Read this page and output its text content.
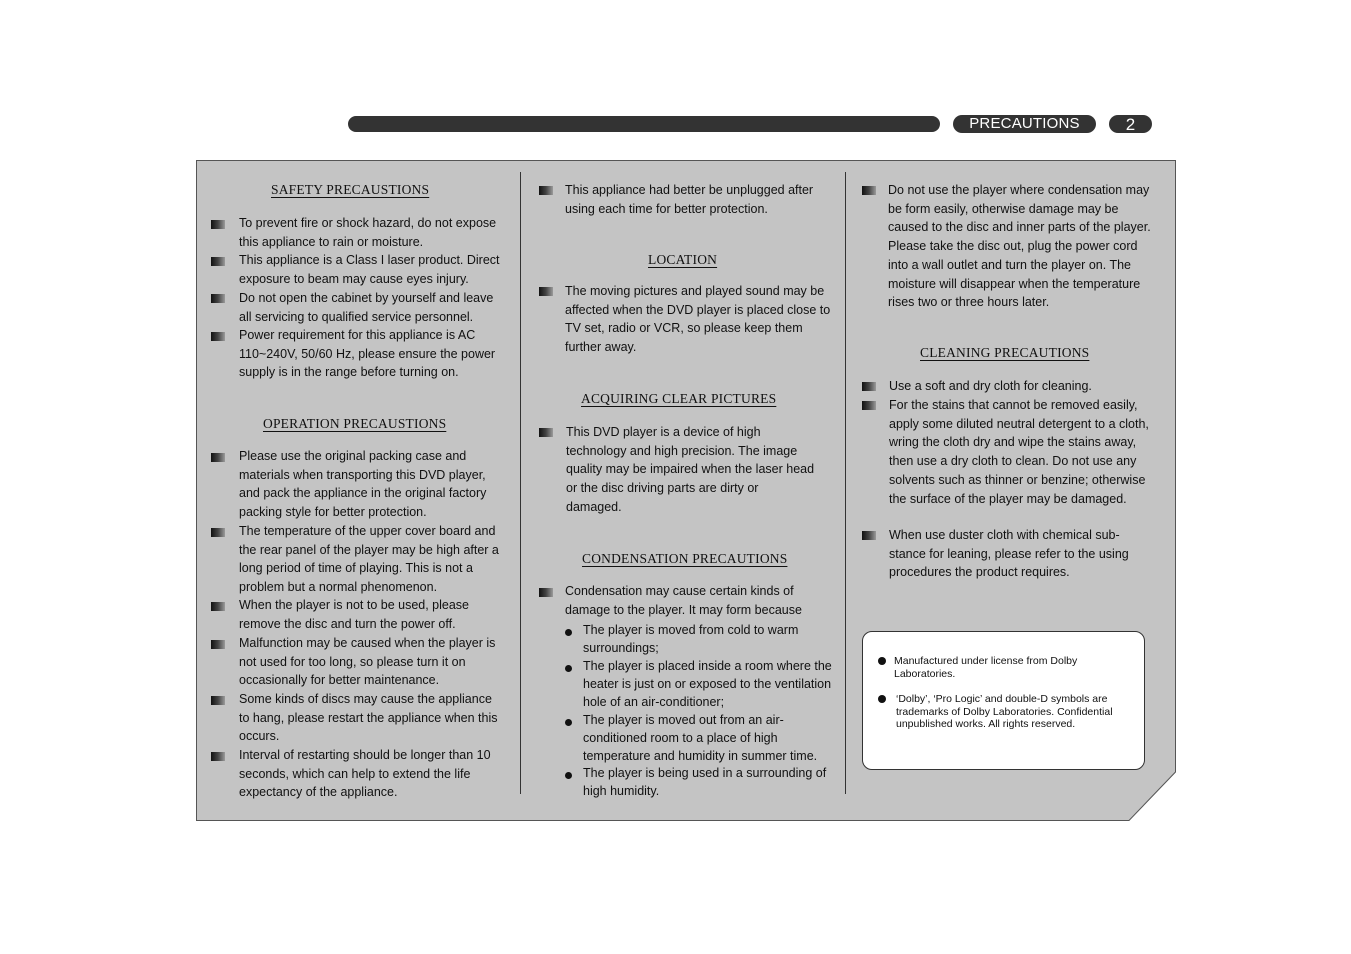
PRECAUTIONS	2
SAFETY PRECAUSTIONS
To prevent fire or shock hazard, do not expose this appliance to rain or moisture.
This appliance is a Class I laser product. Direct exposure to beam may cause eyes injury.
Do not open the cabinet by yourself and leave all servicing to qualified service personnel.
Power requirement for this appliance is AC 110~240V, 50/60 Hz, please ensure the power supply is in the range before turning on.
OPERATION PRECAUSTIONS
Please use the original packing case and materials when transporting this DVD player, and pack the appliance in the original factory packing style for better protection.
The temperature of the upper cover board and the rear panel of the player may be high after a long period of time of playing. This is not a problem but a normal phenomenon.
When the player is not to be used, please remove the disc and turn the power off.
Malfunction may be caused when the player is not used for too long, so please turn it on occasionally for better maintenance.
Some kinds of discs may cause the appliance to hang, please restart the appliance when this occurs.
Interval of restarting should be longer than 10 seconds, which can help to extend the life expectancy of the appliance.
This appliance had better be unplugged after using each time for better protection.
LOCATION
The moving pictures and played sound may be affected when the DVD player is placed close to TV set, radio or VCR, so please keep them further away.
ACQUIRING CLEAR PICTURES
This DVD player is a device of high technology and high precision. The image quality may be impaired when the laser head or the disc driving parts are dirty or damaged.
CONDENSATION PRECAUTIONS
Condensation may cause certain kinds of damage to the player. It may form because
The player is moved from cold to warm surroundings;
The player is placed inside a room where the heater is just on or exposed to the ventilation hole of an air-conditioner;
The player is moved out from an air-conditioned room to a place of high temperature and humidity in summer time.
The player is being used in a surrounding of high humidity.
Do not use the player where condensation may be form easily, otherwise damage may be caused to the disc and inner parts of the player. Please take the disc out, plug the power cord into a wall outlet and turn the player on. The moisture will disappear when the temperature rises two or three hours later.
CLEANING PRECAUTIONS
Use a soft and dry cloth for cleaning.
For the stains that cannot be removed easily, apply some diluted neutral detergent to a cloth, wring the cloth dry and wipe the stains away, then use a dry cloth to clean. Do not use any solvents such as thinner or benzine; otherwise the surface of the player may be damaged.
When use duster cloth with chemical sub-stance for leaning, please refer to the using procedures the product requires.
Manufactured under license from Dolby Laboratories.
‘Dolby’, ‘Pro Logic’ and double-D symbols are trademarks of Dolby Laboratories. Confidential unpublished works. All rights reserved.
